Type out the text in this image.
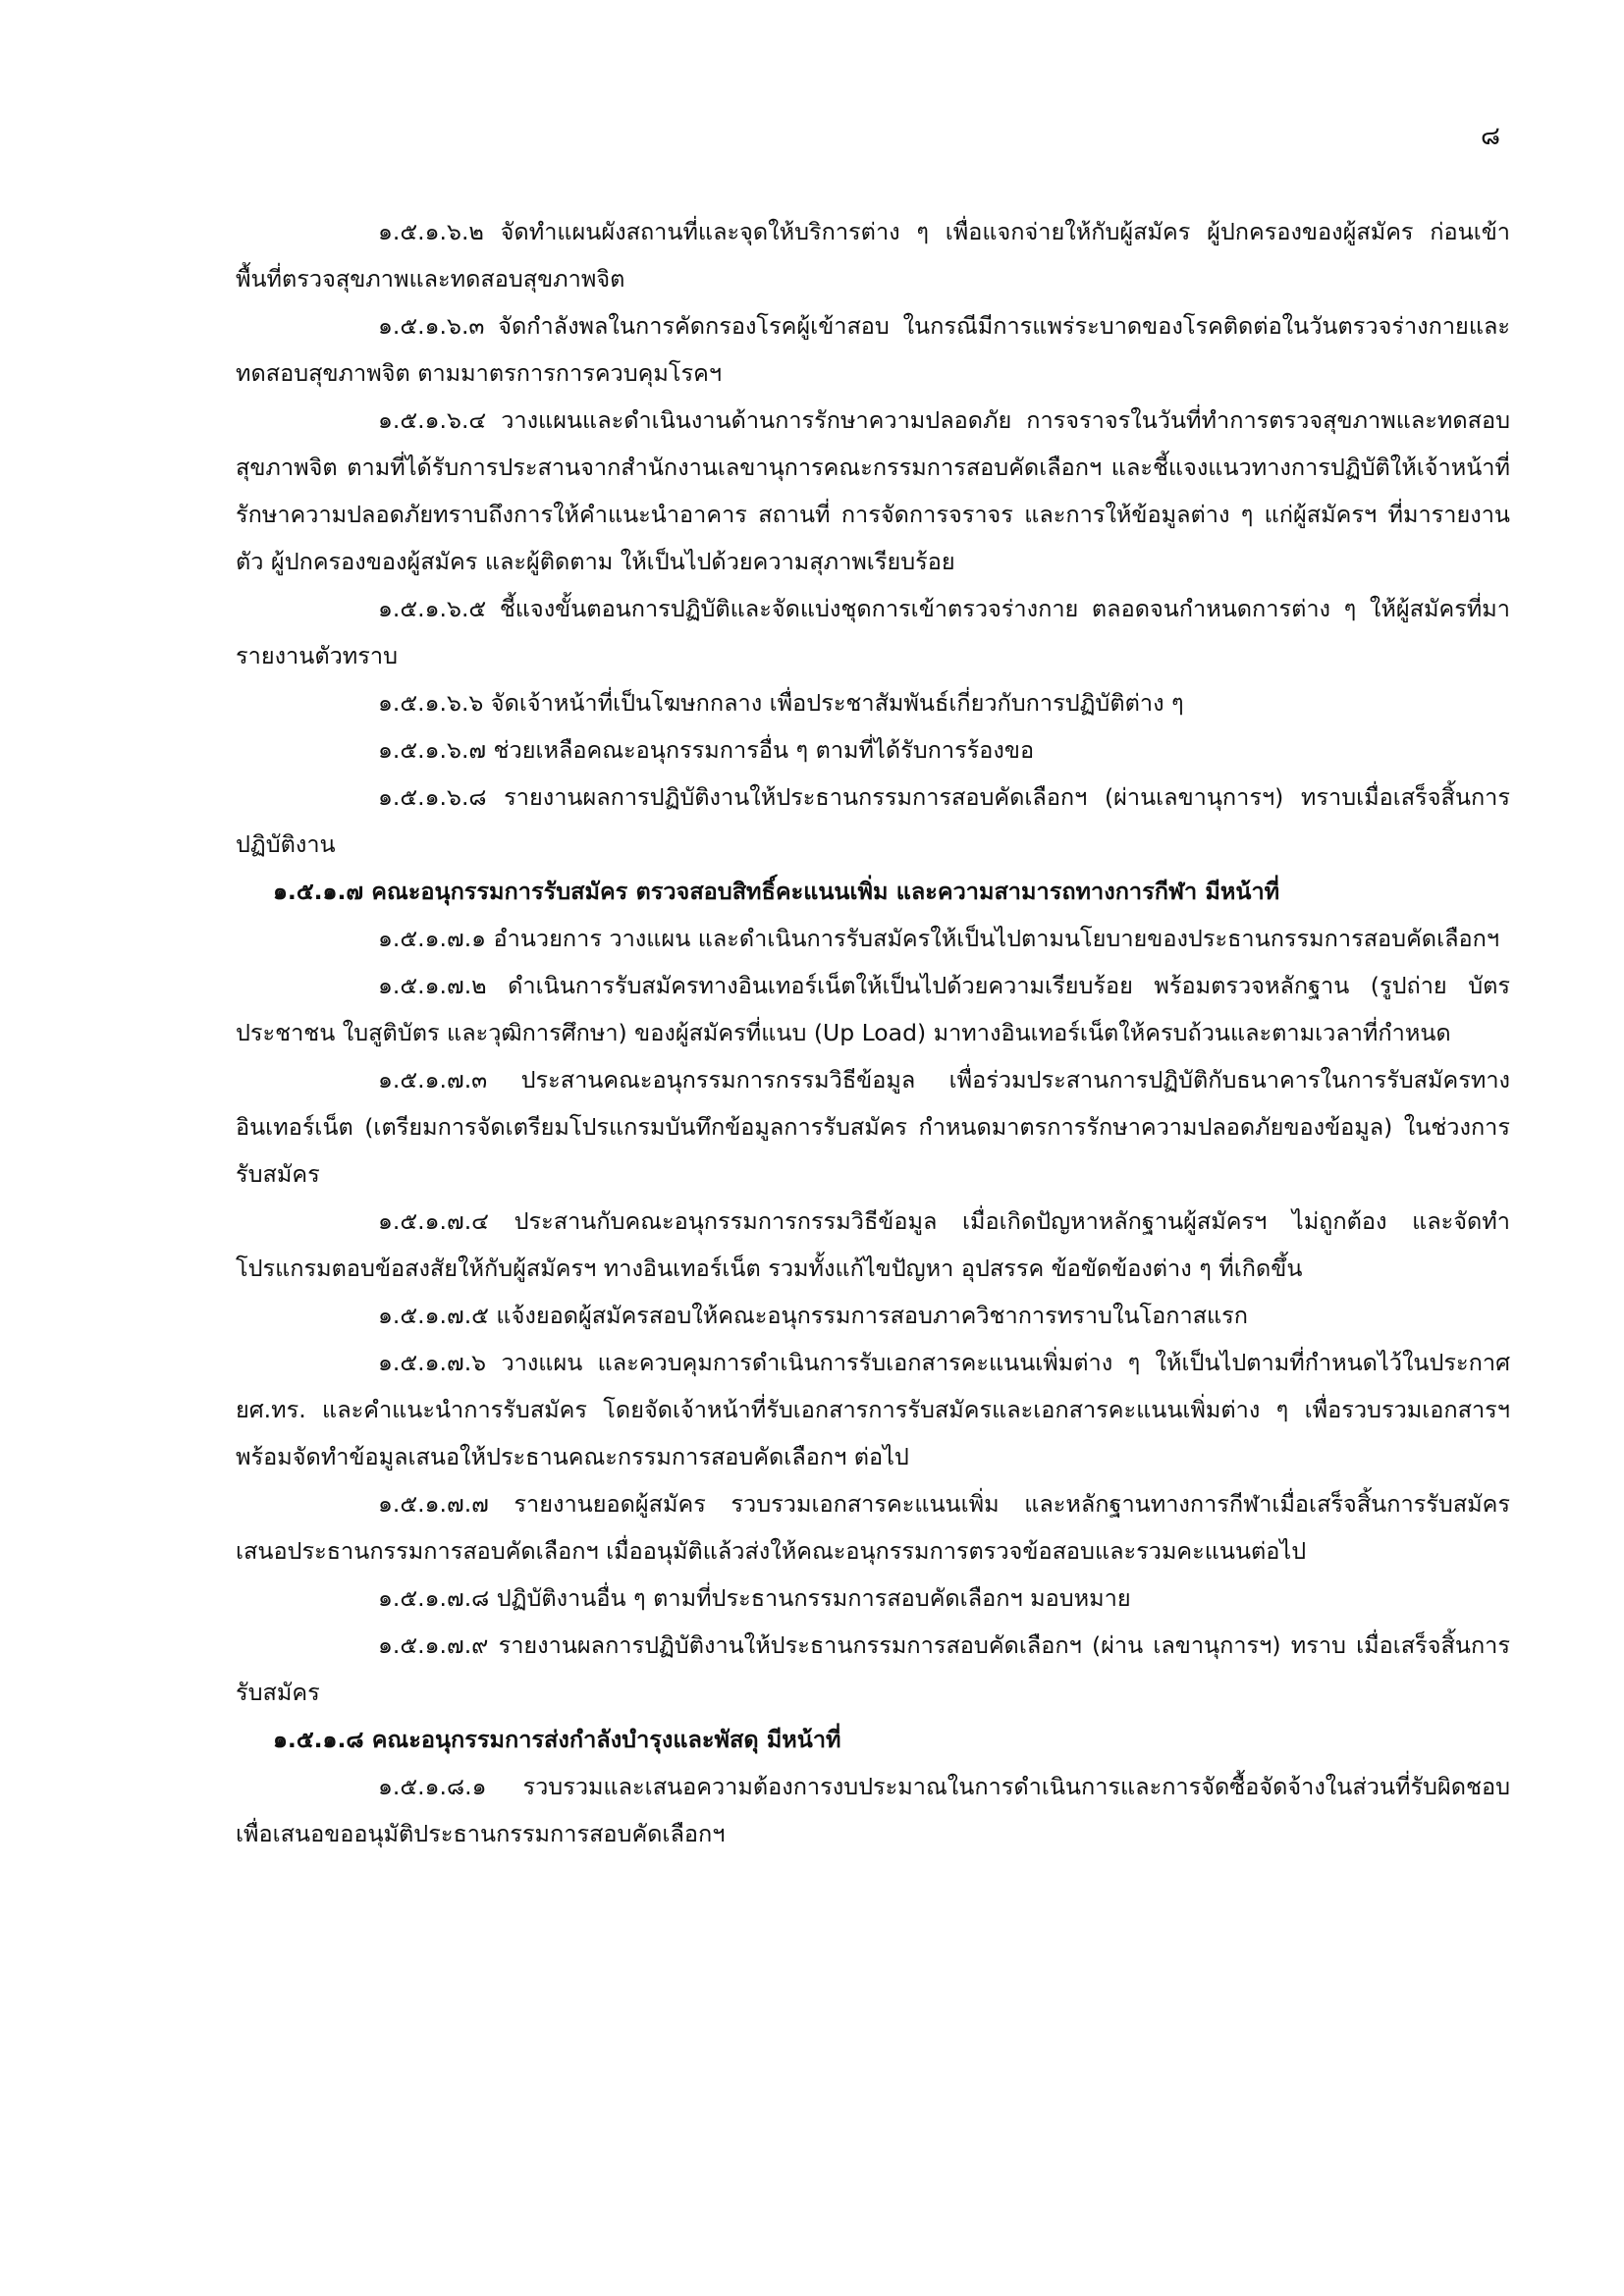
๘

๑.๕.๑.๖.๒ จัดทำแผนผังสถานที่และจุดให้บริการต่าง ๆ เพื่อแจกจ่ายให้กับผู้สมัคร ผู้ปกครองของผู้สมัคร ก่อนเข้าพื้นที่ตรวจสุขภาพและทดสอบสุขภาพจิต

๑.๕.๑.๖.๓ จัดกำลังพลในการคัดกรองโรคผู้เข้าสอบ ในกรณีมีการแพร่ระบาดของโรคติดต่อในวันตรวจร่างกายและทดสอบสุขภาพจิต ตามมาตรการการควบคุมโรคฯ

๑.๕.๑.๖.๔ วางแผนและดำเนินงานด้านการรักษาความปลอดภัย การจราจรในวันที่ทำการตรวจสุขภาพและทดสอบสุขภาพจิต ตามที่ได้รับการประสานจากสำนักงานเลขานุการคณะกรรมการสอบคัดเลือกฯ และชี้แจงแนวทางการปฏิบัติให้เจ้าหน้าที่รักษาความปลอดภัยทราบถึงการให้คำแนะนำอาคาร สถานที่ การจัดการจราจร และการให้ข้อมูลต่าง ๆ แก่ผู้สมัครฯ ที่มารายงานตัว ผู้ปกครองของผู้สมัคร และผู้ติดตาม ให้เป็นไปด้วยความสุภาพเรียบร้อย

๑.๕.๑.๖.๕ ชี้แจงขั้นตอนการปฏิบัติและจัดแบ่งชุดการเข้าตรวจร่างกาย ตลอดจนกำหนดการต่าง ๆ ให้ผู้สมัครที่มารายงานตัวทราบ

๑.๕.๑.๖.๖ จัดเจ้าหน้าที่เป็นโฆษกกลาง เพื่อประชาสัมพันธ์เกี่ยวกับการปฏิบัติต่าง ๆ

๑.๕.๑.๖.๗ ช่วยเหลือคณะอนุกรรมการอื่น ๆ ตามที่ได้รับการร้องขอ

๑.๕.๑.๖.๘ รายงานผลการปฏิบัติงานให้ประธานกรรมการสอบคัดเลือกฯ (ผ่านเลขานุการฯ) ทราบเมื่อเสร็จสิ้นการปฏิบัติงาน

๑.๕.๑.๗ คณะอนุกรรมการรับสมัคร ตรวจสอบสิทธิ์คะแนนเพิ่ม และความสามารถทางการกีฬา มีหน้าที่

๑.๕.๑.๗.๑ อำนวยการ วางแผน และดำเนินการรับสมัครให้เป็นไปตามนโยบายของประธานกรรมการสอบคัดเลือกฯ

๑.๕.๑.๗.๒ ดำเนินการรับสมัครทางอินเทอร์เน็ตให้เป็นไปด้วยความเรียบร้อย พร้อมตรวจหลักฐาน (รูปถ่าย บัตรประชาชน ใบสูติบัตร และวุฒิการศึกษา) ของผู้สมัครที่แนบ (Up Load) มาทางอินเทอร์เน็ตให้ครบถ้วนและตามเวลาที่กำหนด

๑.๕.๑.๗.๓ ประสานคณะอนุกรรมการกรรมวิธีข้อมูล เพื่อร่วมประสานการปฏิบัติกับธนาคารในการรับสมัครทางอินเทอร์เน็ต (เตรียมการจัดเตรียมโปรแกรมบันทึกข้อมูลการรับสมัคร กำหนดมาตรการรักษาความปลอดภัยของข้อมูล) ในช่วงการรับสมัคร

๑.๕.๑.๗.๔ ประสานกับคณะอนุกรรมการกรรมวิธีข้อมูล เมื่อเกิดปัญหาหลักฐานผู้สมัครฯ ไม่ถูกต้อง และจัดทำโปรแกรมตอบข้อสงสัยให้กับผู้สมัครฯ ทางอินเทอร์เน็ต รวมทั้งแก้ไขปัญหา อุปสรรค ข้อขัดข้องต่าง ๆ ที่เกิดขึ้น

๑.๕.๑.๗.๕ แจ้งยอดผู้สมัครสอบให้คณะอนุกรรมการสอบภาควิชาการทราบในโอกาสแรก

๑.๕.๑.๗.๖ วางแผน และควบคุมการดำเนินการรับเอกสารคะแนนเพิ่มต่าง ๆ ให้เป็นไปตามที่กำหนดไว้ในประกาศ ยศ.ทร. และคำแนะนำการรับสมัคร โดยจัดเจ้าหน้าที่รับเอกสารการรับสมัครและเอกสารคะแนนเพิ่มต่าง ๆ เพื่อรวบรวมเอกสารฯ พร้อมจัดทำข้อมูลเสนอให้ประธานคณะกรรมการสอบคัดเลือกฯ ต่อไป

๑.๕.๑.๗.๗ รายงานยอดผู้สมัคร รวบรวมเอกสารคะแนนเพิ่ม และหลักฐานทางการกีฬาเมื่อเสร็จสิ้นการรับสมัคร เสนอประธานกรรมการสอบคัดเลือกฯ เมื่ออนุมัติแล้วส่งให้คณะอนุกรรมการตรวจข้อสอบและรวมคะแนนต่อไป

๑.๕.๑.๗.๘ ปฏิบัติงานอื่น ๆ ตามที่ประธานกรรมการสอบคัดเลือกฯ มอบหมาย

๑.๕.๑.๗.๙ รายงานผลการปฏิบัติงานให้ประธานกรรมการสอบคัดเลือกฯ (ผ่าน เลขานุการฯ) ทราบ เมื่อเสร็จสิ้นการรับสมัคร

๑.๕.๑.๘ คณะอนุกรรมการส่งกำลังบำรุงและพัสดุ มีหน้าที่

๑.๕.๑.๘.๑ รวบรวมและเสนอความต้องการงบประมาณในการดำเนินการและการจัดซื้อจัดจ้างในส่วนที่รับผิดชอบ เพื่อเสนอขออนุมัติประธานกรรมการสอบคัดเลือกฯ
